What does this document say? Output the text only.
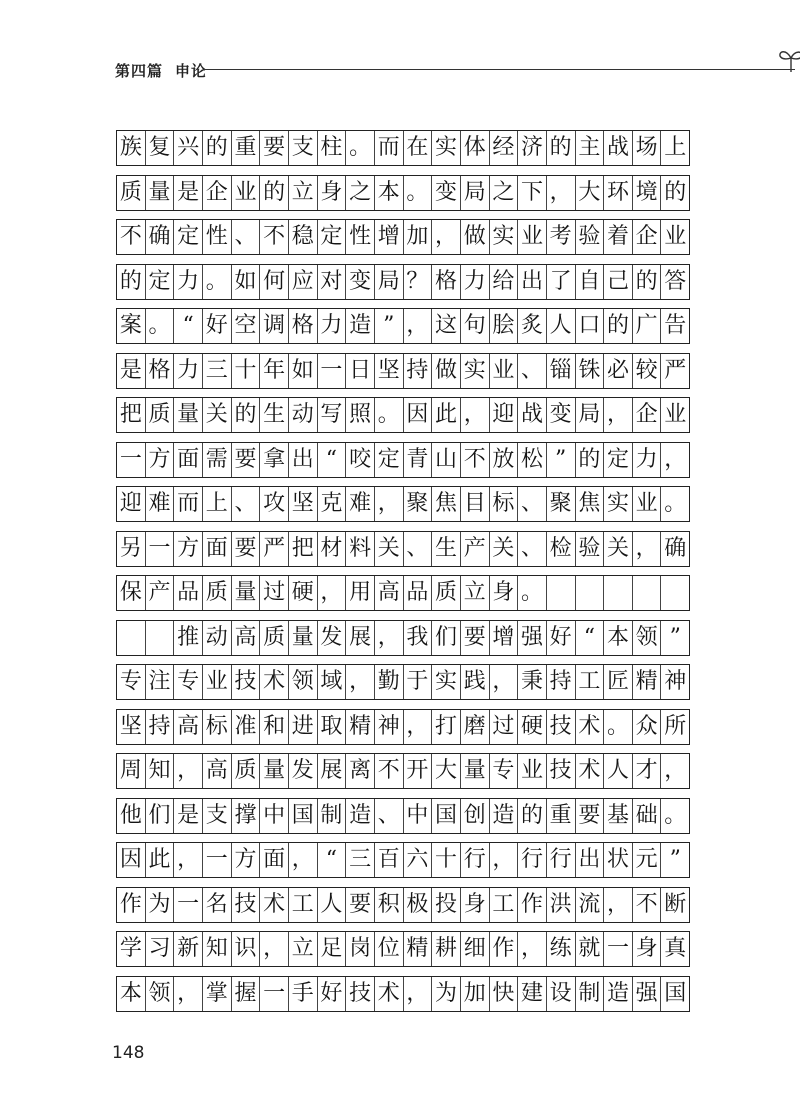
第四篇 申论
族 复 兴 的 重 要 支 柱 。 而 在 实 体 经 济 的 主 战 场 上
质 量 是 企 业 的 立 身 之 本 。 变 局 之 下 ， 大 环 境 的
不 确 定 性 、 不 稳 定 性 增 加 ， 做 实 业 考 验 着 企 业
的 定 力 。 如 何 应 对 变 局 ？ 格 力 给 出 了 自 己 的 答
案 。 “ 好 空 调 格 力 造 ” ， 这 句 脍 炙 人 口 的 广 告
是 格 力 三 十 年 如 一 日 坚 持 做 实 业 、 锱 铢 必 较 严
把 质 量 关 的 生 动 写 照 。 因 此 ， 迎 战 变 局 ， 企 业
一 方 面 需 要 拿 出 “ 咬 定 青 山 不 放 松 ” 的 定 力 ，
迎 难 而 上 、 攻 坚 克 难 ， 聚 焦 目 标 、 聚 焦 实 业 。
另 一 方 面 要 严 把 材 料 关 、 生 产 关 、 检 验 关 ， 确
保 产 品 质 量 过 硬 ， 用 高 品 质 立 身 。
推 动 高 质 量 发 展 ， 我 们 要 增 强 好 “ 本 领 ”
专 注 专 业 技 术 领 域 ， 勤 于 实 践 ， 秉 持 工 匠 精 神
坚 持 高 标 准 和 进 取 精 神 ， 打 磨 过 硬 技 术 。 众 所
周 知 ， 高 质 量 发 展 离 不 开 大 量 专 业 技 术 人 才 ，
他 们 是 支 撑 中 国 制 造 、 中 国 创 造 的 重 要 基 础 。
因 此 ， 一 方 面 ， “ 三 百 六 十 行 ， 行 行 出 状 元 ”
作 为 一 名 技 术 工 人 要 积 极 投 身 工 作 洪 流 ， 不 断
学 习 新 知 识 ， 立 足 岗 位 精 耕 细 作 ， 练 就 一 身 真
本 领 ， 掌 握 一 手 好 技 术 ， 为 加 快 建 设 制 造 强 国
148
